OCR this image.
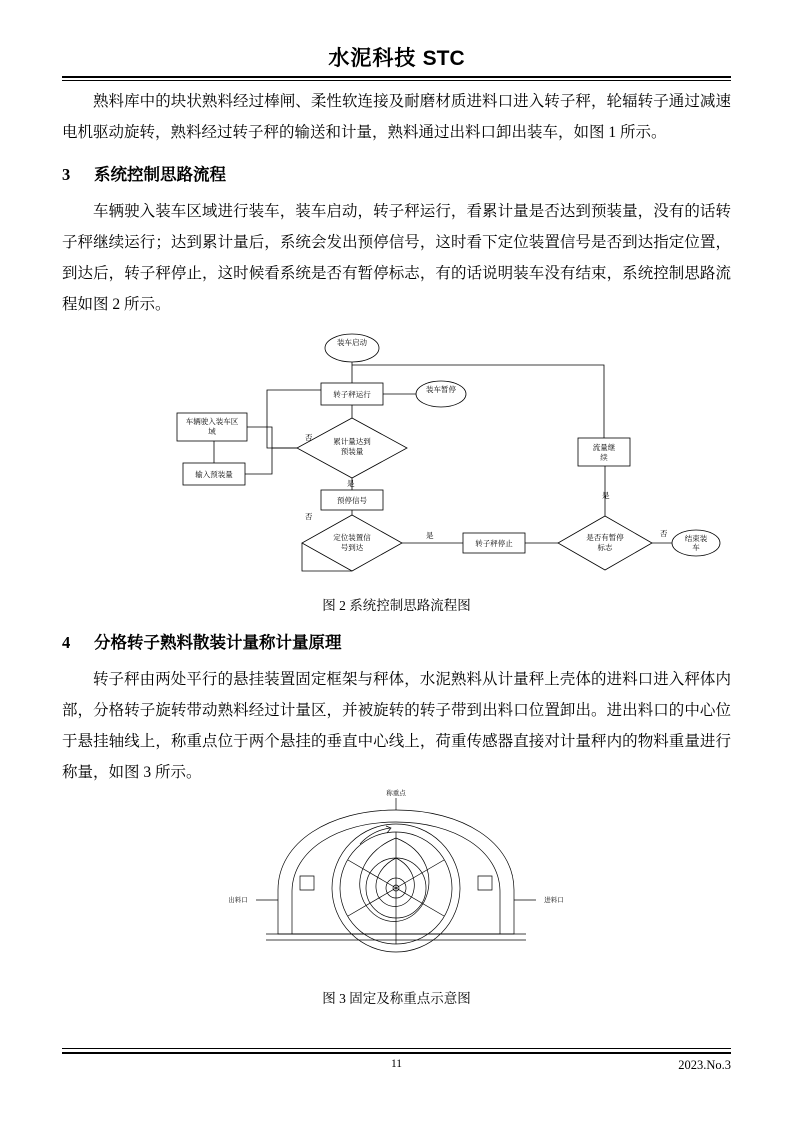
水泥科技 STC

熟料库中的块状熟料经过棒闸、柔性软连接及耐磨材质进料口进入转子秤，轮辐转子通过减速电机驱动旋转，熟料经过转子秤的输送和计量，熟料通过出料口卸出装车，如图 1 所示。

3 系统控制思路流程

车辆驶入装车区域进行装车，装车启动，转子秤运行，看累计量是否达到预装量，没有的话转子秤继续运行；达到累计量后，系统会发出预停信号，这时看下定位装置信号是否到达指定位置，到达后，转子秤停止，这时候看系统是否有暂停标志，有的话说明装车没有结束，系统控制思路流程如图 2 所示。

装车启动
转子秤运行
装车暂停
车辆驶入装车区
域
输入预装量
累计量达到
预装量
预停信号
定位装置信
号到达	转子秤停止
是否有暂停
标志
结束装
车
流量继
续
否
是
否
是
是
否

图 2 系统控制思路流程图

4 分格转子熟料散装计量称计量原理

转子秤由两处平行的悬挂装置固定框架与秤体，水泥熟料从计量秤上壳体的进料口进入秤体内部，分格转子旋转带动熟料经过计量区，并被旋转的转子带到出料口位置卸出。进出料口的中心位于悬挂轴线上，称重点位于两个悬挂的垂直中心线上，荷重传感器直接对计量秤内的物料重量进行称量，如图 3 所示。

称重点
出料口	进料口

图 3 固定及称重点示意图

11	2023.No.3
